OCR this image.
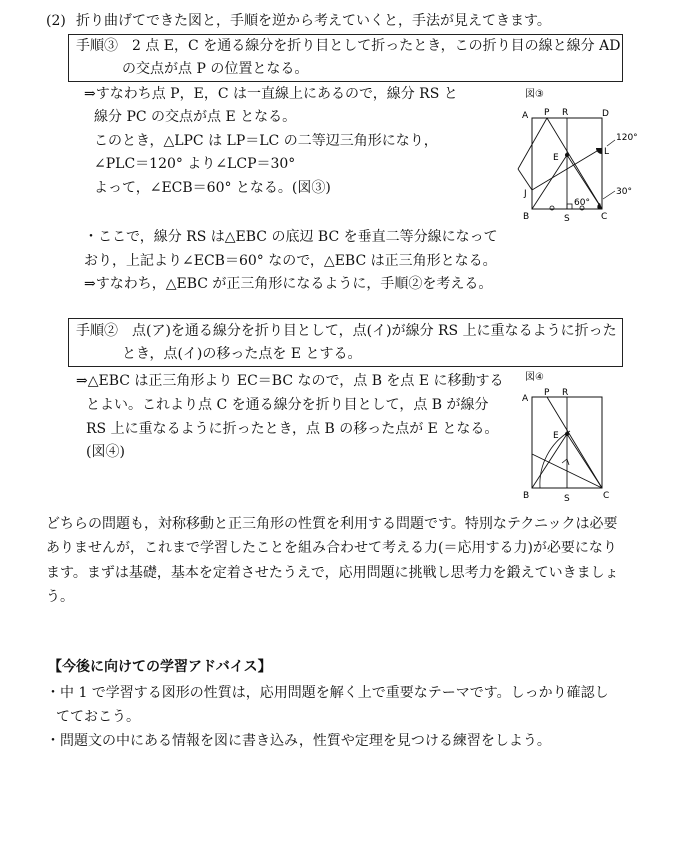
(2) 折り曲げてできた図と，手順を逆から考えていくと，手法が見えてきます。
手順③　2 点 E，C を通る線分を折り目として折ったとき，この折り目の線と線分 AD
の交点が点 P の位置となる。
⇒すなわち点 P，E，C は一直線上にあるので，線分 RS と
線分 PC の交点が点 E となる。
このとき，△LPC は LP＝LC の二等辺三角形になり，
∠PLC＝120° より∠LCP＝30°
よって，∠ECB＝60° となる。(図③)
・ここで，線分 RS は△EBC の底辺 BC を垂直二等分線になって
おり，上記より∠ECB＝60° なので，△EBC は正三角形となる。
⇒すなわち，△EBC が正三角形になるように，手順②を考える。
手順②　点(ア)を通る線分を折り目として，点(イ)が線分 RS 上に重なるように折った
とき，点(イ)の移った点を E とする。
⇒△EBC は正三角形より EC＝BC なので，点 B を点 E に移動する
とよい。これより点 C を通る線分を折り目として，点 B が線分
RS 上に重なるように折ったとき，点 B の移った点が E となる。
(図④)
どちらの問題も，対称移動と正三角形の性質を利用する問題です。特別なテクニックは必要
ありませんが，これまで学習したことを組み合わせて考える力(＝応用する力)が必要になり
ます。まずは基礎，基本を定着させたうえで，応用問題に挑戦し思考力を鍛えていきましょ
う。
【今後に向けての学習アドバイス】
・中 1 で学習する図形の性質は，応用問題を解く上で重要なテーマです。しっかり確認し
てておこう。
・問題文の中にある情報を図に書き込み，性質や定理を見つける練習をしよう。
図③
A P R	D
E
L
J
B	S	C
120°
30°
60°
図④
A
P R
E
B	S	C
